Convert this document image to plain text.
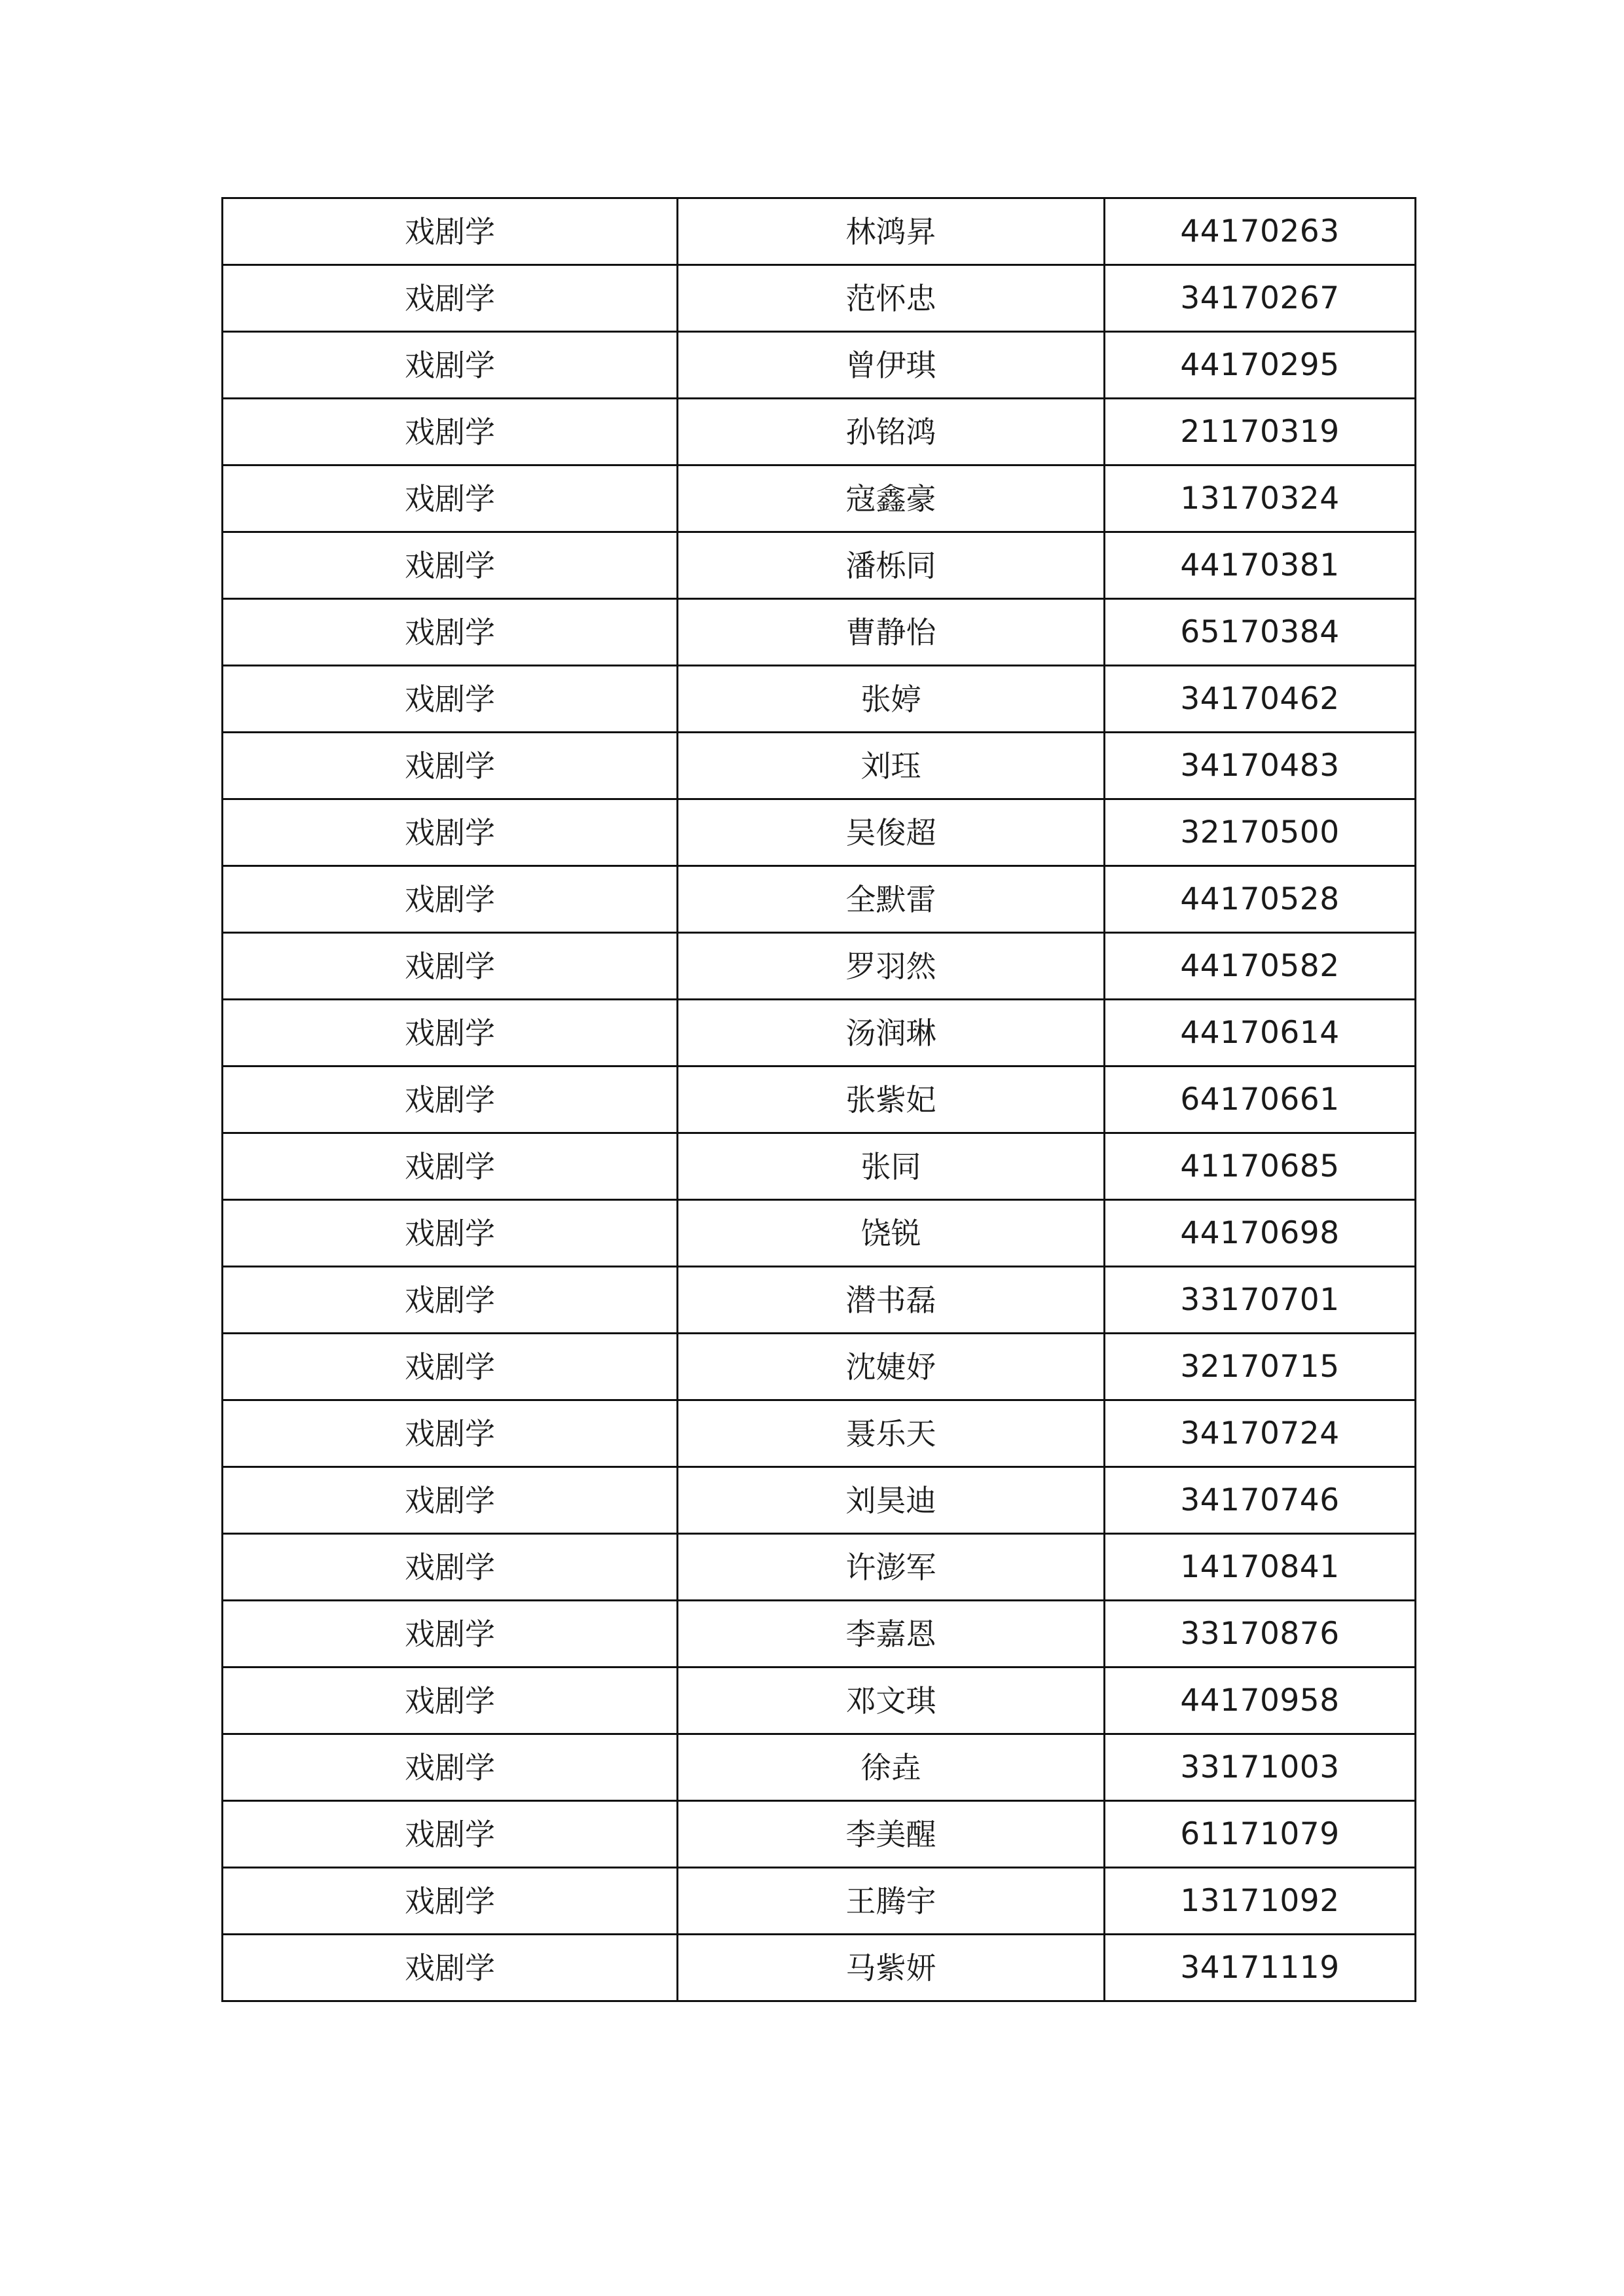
戏剧学	林鸿昇	44170263
戏剧学	范怀忠	34170267
戏剧学	曾伊琪	44170295
戏剧学	孙铭鸿	21170319
戏剧学	寇鑫豪	13170324
戏剧学	潘栎同	44170381
戏剧学	曹静怡	65170384
戏剧学	张婷	34170462
戏剧学	刘珏	34170483
戏剧学	吴俊超	32170500
戏剧学	全默雷	44170528
戏剧学	罗羽然	44170582
戏剧学	汤润琳	44170614
戏剧学	张紫妃	64170661
戏剧学	张同	41170685
戏剧学	饶锐	44170698
戏剧学	潜书磊	33170701
戏剧学	沈婕妤	32170715
戏剧学	聂乐天	34170724
戏剧学	刘昊迪	34170746
戏剧学	许澎军	14170841
戏剧学	李嘉恩	33170876
戏剧学	邓文琪	44170958
戏剧学	徐垚	33171003
戏剧学	李美醒	61171079
戏剧学	王腾宇	13171092
戏剧学	马紫妍	34171119
